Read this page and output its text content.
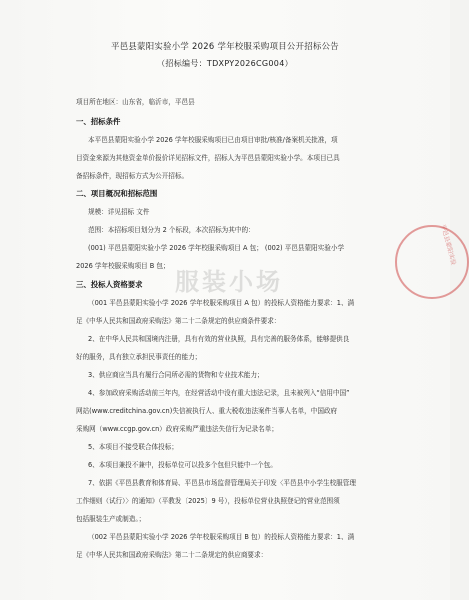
平邑县蒙阳实验小学 2026 学年校服采购项目公开招标公告
（招标编号：TDXPY2026CG004）
项目所在地区：山东省，临沂市，平邑县
一、招标条件
本平邑县蒙阳实验小学 2026 学年校服采购项目已由项目审批/核准/备案机关批准，项
目资金来源为其他资金单价报价详见招标文件，招标人为平邑县蒙阳实验小学。本项目已具
备招标条件，现招标方式为公开招标。
二、项目概况和招标范围
规模：详见招标 文件
范围：本招标项目划分为 2 个标段，本次招标为其中的：
(001) 平邑县蒙阳实验小学 2026 学年校服采购项目 A 包； (002) 平邑县蒙阳实验小学
2026 学年校服采购项目 B 包；
三、投标人资格要求
（001 平邑县蒙阳实验小学 2026 学年校服采购项目 A 包）的投标人资格能力要求：1、满
足《中华人民共和国政府采购法》第二十二条规定的供应商条件要求：
2、在中华人民共和国境内注册，具有有效的营业执照，具有完善的服务体系，能够提供良
好的服务，具有独立承担民事责任的能力；
3、供应商应当具有履行合同所必需的货物和专业技术能力；
4、参加政府采购活动前三年内，在经营活动中没有重大违法记录，且未被列入“信用中国”
网站(www.creditchina.gov.cn)失信被执行人、重大税收违法案件当事人名单，中国政府
采购网（www.ccgp.gov.cn）政府采购严重违法失信行为记录名单；
5、本项目不接受联合体投标；
6、本项目兼投不兼中，投标单位可以投多个包但只能中一个包。
7、依据《平邑县教育和体育局、平邑县市场监督管理局关于印发〈平邑县中小学生校服管理
工作细则（试行）〉的通知》（平教发〔2025〕9 号），投标单位营业执照登记的营业范围须
包括服装生产或制造。；
（002 平邑县蒙阳实验小学 2026 学年校服采购项目 B 包）的投标人资格能力要求：1、满
足《中华人民共和国政府采购法》第二十二条规定的供应商要求：
平邑县蒙阳实验
服装小场
